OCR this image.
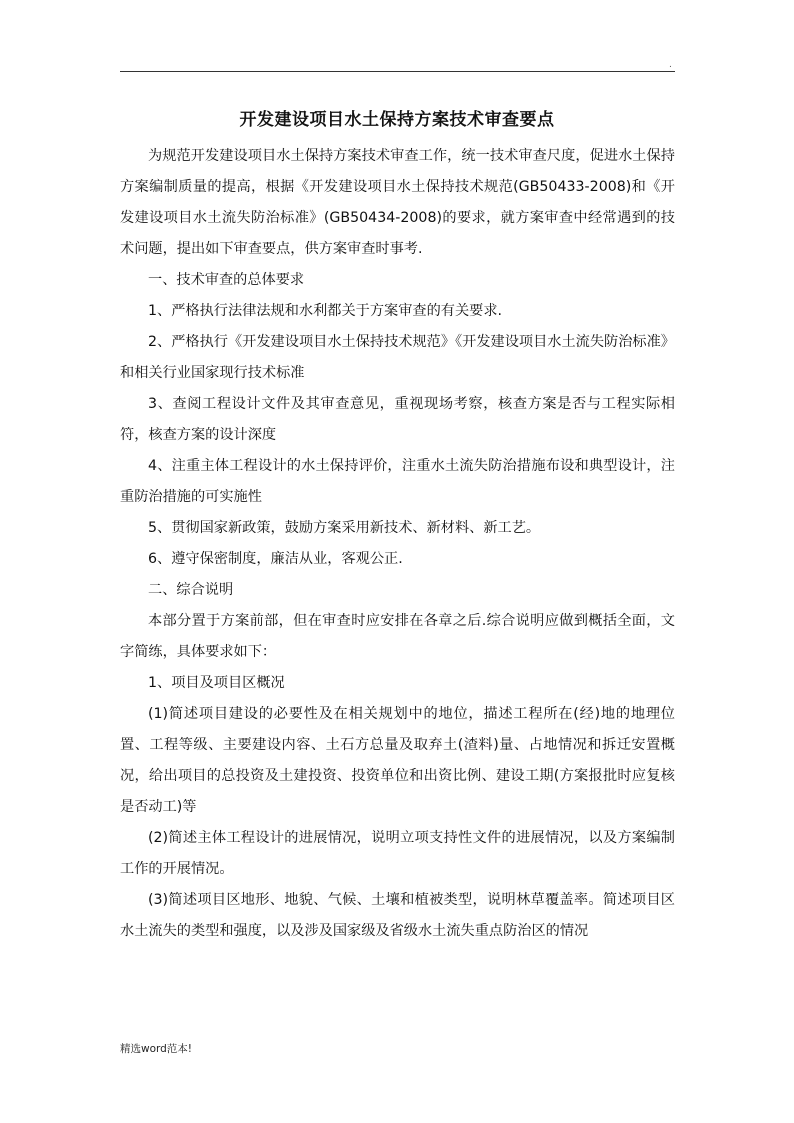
.
开发建设项目水土保持方案技术审查要点

为规范开发建设项目水土保持方案技术审查工作，统一技术审查尺度，促进水土保持方案编制质量的提高，根据《开发建设项目水土保持技术规范(GB50433-2008)和《开发建设项目水土流失防治标准》(GB50434-2008)的要求，就方案审查中经常遇到的技术问题，提出如下审查要点，供方案审查时事考.

一、技术审查的总体要求

1、严格执行法律法规和水利都关于方案审查的有关要求.

2、严格执行《开发建设项目水土保持技术规范》《开发建设项目水土流失防治标准》和相关行业国家现行技术标准

3、查阅工程设计文件及其审查意见，重视现场考察，核查方案是否与工程实际相符，核查方案的设计深度

4、注重主体工程设计的水土保持评价，注重水土流失防治措施布设和典型设计，注重防治措施的可实施性

5、贯彻国家新政策，鼓励方案采用新技术、新材料、新工艺。

6、遵守保密制度，廉洁从业，客观公正.

二、综合说明

本部分置于方案前部，但在审查时应安排在各章之后.综合说明应做到概括全面，文字简练，具体要求如下：

1、项目及项目区概况

(1)简述项目建设的必要性及在相关规划中的地位，描述工程所在(经)地的地理位置、工程等级、主要建设内容、土石方总量及取弃土(渣料)量、占地情况和拆迁安置概况，给出项目的总投资及土建投资、投资单位和出资比例、建设工期(方案报批时应复核是否动工)等

(2)简述主体工程设计的进展情况，说明立项支持性文件的进展情况，以及方案编制工作的开展情况。

(3)简述项目区地形、地貌、气候、土壤和植被类型，说明林草覆盖率。简述项目区水土流失的类型和强度，以及涉及国家级及省级水土流失重点防治区的情况

精选word范本!
